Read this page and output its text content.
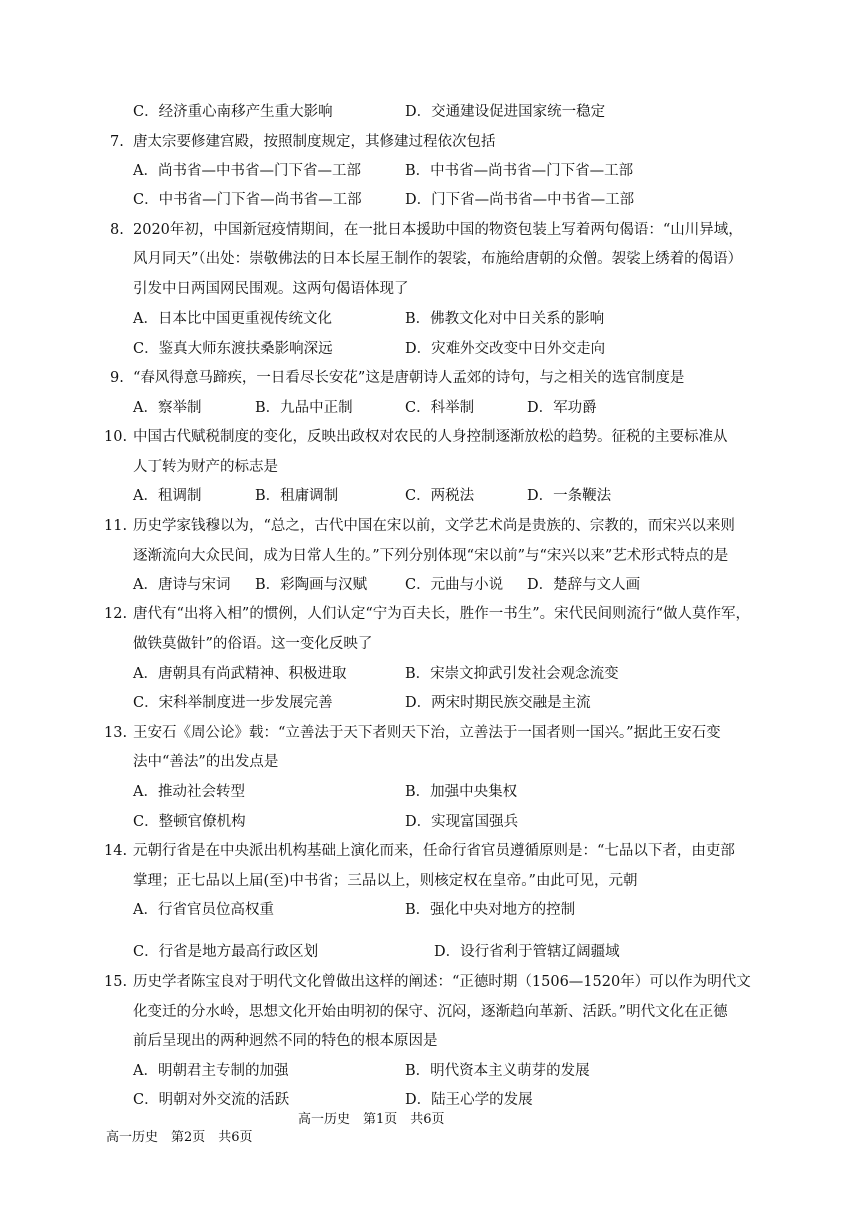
C．经济重心南移产生重大影响	D．交通建设促进国家统一稳定
7. 唐太宗要修建宫殿，按照制度规定，其修建过程依次包括
A．尚书省—中书省—门下省—工部	B．中书省—尚书省—门下省—工部
C．中书省—门下省—尚书省—工部	D．门下省—尚书省—中书省—工部
8. 2020年初，中国新冠疫情期间，在一批日本援助中国的物资包装上写着两句偈语：“山川异域，
风月同天”（出处：崇敬佛法的日本长屋王制作的袈裟，布施给唐朝的众僧。袈裟上绣着的偈语）
引发中日两国网民围观。这两句偈语体现了
A．日本比中国更重视传统文化	B．佛教文化对中日关系的影响
C．鉴真大师东渡扶桑影响深远	D．灾难外交改变中日外交走向
9. “春风得意马蹄疾，一日看尽长安花”这是唐朝诗人孟郊的诗句，与之相关的选官制度是
A．察举制	B．九品中正制	C．科举制	D．军功爵
10. 中国古代赋税制度的变化，反映出政权对农民的人身控制逐渐放松的趋势。征税的主要标准从
人丁转为财产的标志是
A．租调制	B．租庸调制	C．两税法	D．一条鞭法
11. 历史学家钱穆以为，“总之，古代中国在宋以前，文学艺术尚是贵族的、宗教的，而宋兴以来则
逐渐流向大众民间，成为日常人生的。”下列分别体现“宋以前”与“宋兴以来”艺术形式特点的是
A．唐诗与宋词 B．彩陶画与汉赋	C．元曲与小说 D．楚辞与文人画
12. 唐代有“出将入相”的惯例，人们认定“宁为百夫长，胜作一书生”。宋代民间则流行“做人莫作军，
做铁莫做针”的俗语。这一变化反映了
A．唐朝具有尚武精神、积极进取	B．宋崇文抑武引发社会观念流变
C．宋科举制度进一步发展完善	D．两宋时期民族交融是主流
13. 王安石《周公论》载：“立善法于天下者则天下治，立善法于一国者则一国兴。”据此王安石变
法中“善法”的出发点是
A．推动社会转型	B．加强中央集权
C．整顿官僚机构	D．实现富国强兵
14. 元朝行省是在中央派出机构基础上演化而来，任命行省官员遵循原则是：“七品以下者，由吏部
掌理；正七品以上届(至)中书省；三品以上，则核定权在皇帝。”由此可见，元朝
A．行省官员位高权重	B．强化中央对地方的控制
C．行省是地方最高行政区划	D．设行省利于管辖辽阔疆域
15. 历史学者陈宝良对于明代文化曾做出这样的阐述：“正德时期（1506—1520年）可以作为明代文
化变迁的分水岭，思想文化开始由明初的保守、沉闷，逐渐趋向革新、活跃。”明代文化在正德
前后呈现出的两种迥然不同的特色的根本原因是
A．明朝君主专制的加强	B．明代资本主义萌芽的发展
C．明朝对外交流的活跃	D．陆王心学的发展
高一历史　第1页　共6页
高一历史　第2页　共6页
